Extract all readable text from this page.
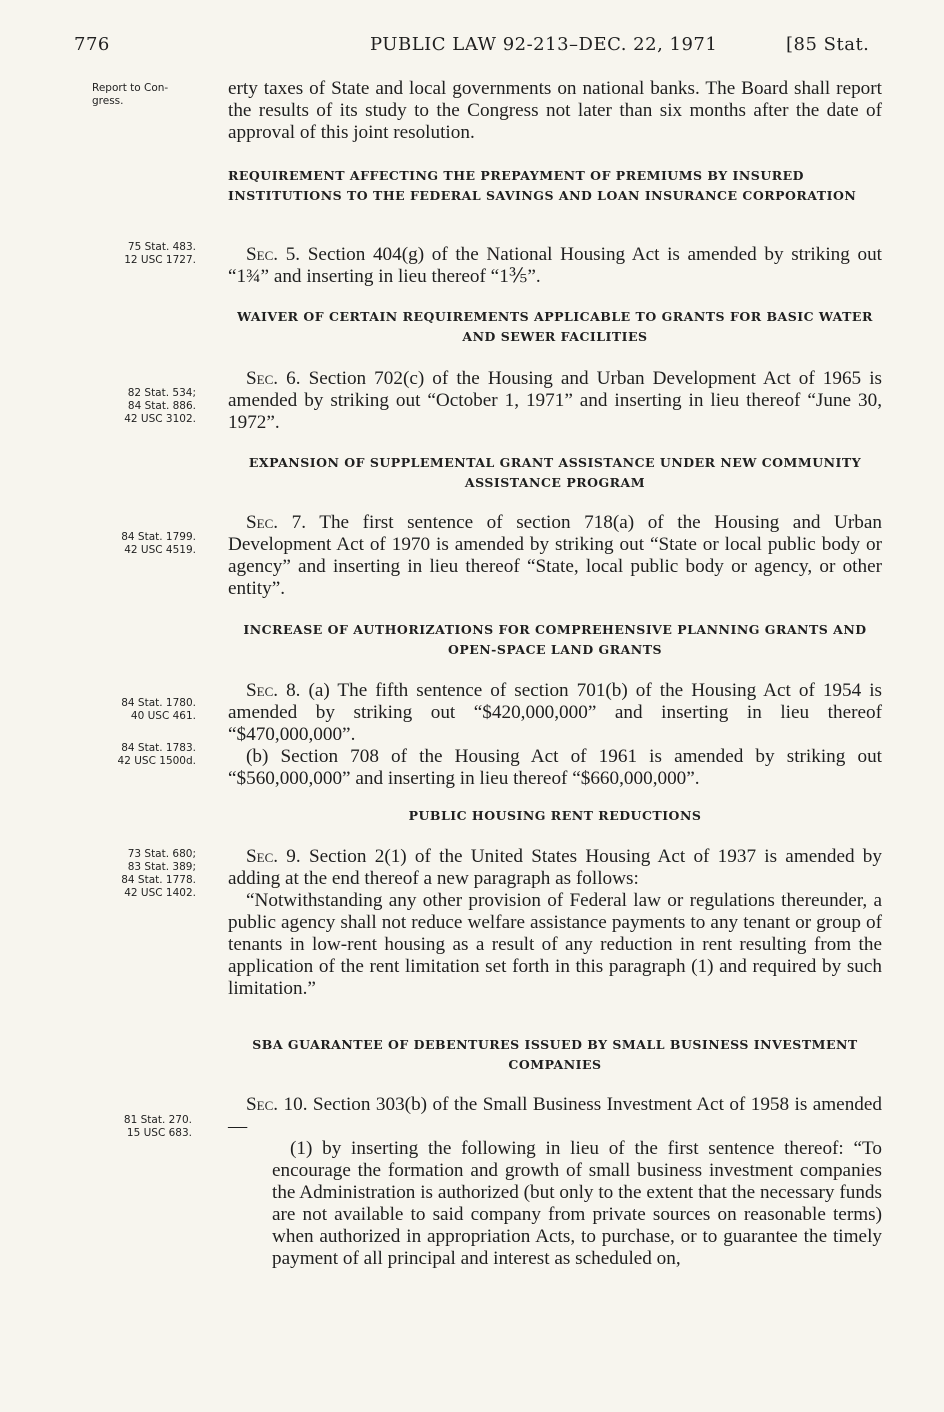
776	PUBLIC LAW 92-213–DEC. 22, 1971	[85 Stat.
Report to Con- gress.
75 Stat. 483.
12 USC 1727.
82 Stat. 534;
84 Stat. 886.
42 USC 3102.
84 Stat. 1799.
42 USC 4519.
84 Stat. 1780.
40 USC 461.
84 Stat. 1783.
42 USC 1500d.
73 Stat. 680;
83 Stat. 389;
84 Stat. 1778.
42 USC 1402.
81 Stat. 270.
15 USC 683.
erty taxes of State and local governments on national banks. The Board shall report the results of its study to the Congress not later than six months after the date of approval of this joint resolution.
REQUIREMENT AFFECTING THE PREPAYMENT OF PREMIUMS BY INSURED INSTITUTIONS TO THE FEDERAL SAVINGS AND LOAN INSURANCE CORPORATION
Sec. 5. Section 404(g) of the National Housing Act is amended by striking out “1¾” and inserting in lieu thereof “1⅗”.
WAIVER OF CERTAIN REQUIREMENTS APPLICABLE TO GRANTS FOR BASIC WATER AND SEWER FACILITIES
Sec. 6. Section 702(c) of the Housing and Urban Development Act of 1965 is amended by striking out “October 1, 1971” and inserting in lieu thereof “June 30, 1972”.
EXPANSION OF SUPPLEMENTAL GRANT ASSISTANCE UNDER NEW COMMUNITY ASSISTANCE PROGRAM
Sec. 7. The first sentence of section 718(a) of the Housing and Urban Development Act of 1970 is amended by striking out “State or local public body or agency” and inserting in lieu thereof “State, local public body or agency, or other entity”.
INCREASE OF AUTHORIZATIONS FOR COMPREHENSIVE PLANNING GRANTS AND OPEN-SPACE LAND GRANTS
Sec. 8. (a) The fifth sentence of section 701(b) of the Housing Act of 1954 is amended by striking out “$420,000,000” and inserting in lieu thereof “$470,000,000”.
(b) Section 708 of the Housing Act of 1961 is amended by striking out “$560,000,000” and inserting in lieu thereof “$660,000,000”.
PUBLIC HOUSING RENT REDUCTIONS
Sec. 9. Section 2(1) of the United States Housing Act of 1937 is amended by adding at the end thereof a new paragraph as follows:
“Notwithstanding any other provision of Federal law or regulations thereunder, a public agency shall not reduce welfare assistance payments to any tenant or group of tenants in low-rent housing as a result of any reduction in rent resulting from the application of the rent limitation set forth in this paragraph (1) and required by such limitation.”
SBA GUARANTEE OF DEBENTURES ISSUED BY SMALL BUSINESS INVESTMENT COMPANIES
Sec. 10. Section 303(b) of the Small Business Investment Act of 1958 is amended—
(1) by inserting the following in lieu of the first sentence thereof: “To encourage the formation and growth of small business investment companies the Administration is authorized (but only to the extent that the necessary funds are not available to said company from private sources on reasonable terms) when authorized in appropriation Acts, to purchase, or to guarantee the timely payment of all principal and interest as scheduled on,
